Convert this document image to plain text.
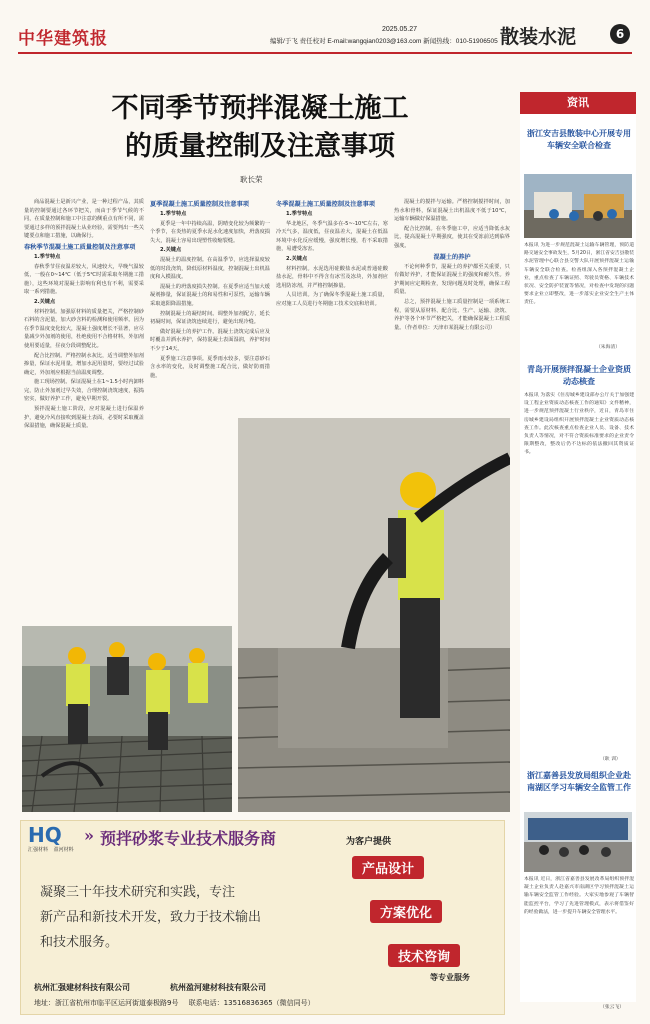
中华建筑报	2025.05.27
编辑/于飞 责任校对 E-mail:wangqian0203@163.com 新闻热线：010-51906505 散装水泥	6
不同季节预拌混凝土施工
的质量控制及注意事项
耿长荣

商品混凝土是新兴产业，是一种过程产品，其质量的控制要通过各环节把关，而由于季节气候的不同，在质量控制和施工中注意的侧重点有所不同，需要通过多样的预拌混凝土从业经验，需要判出一些关键要点和施工措施，以确保行。

春秋季节混凝土施工质量控制及注意事项

1.季节特点

春秋季节昼夜温差较大，风速较大，早晚气温较低，一般在0~14℃（低于5℃时需采取冬期施工措施），这些环境对混凝土影响有利也有不利，需要采取一系列措施。

2.关键点

材料控制。加强原材料的质量把关，严格控制砂石料的含泥量，加大砂含料的检测和使用频率。因为在季节温度变化较大，混凝土强度增长不显著，应尽量减少外加剂的使用，杜绝使用不合格材料，外加剂使用要适量，昼夜分段调整配比。

配合比控制。严格控制水灰比，适当调整外加剂掺量，保证水泥用量，增加水泥用量时，要经过试验确定，外加剂应根据当前温度调整。

施工现场控制。保证混凝土在1~1.5小时内卸料完，防止外加剂过早失效，合理控制浇筑速度，振捣密实，做好养护工作，避免早期开裂。

预拌混凝土施工阶段，应对混凝土进行保温养护，避免冷风直接吹到混凝土表面，必要时采取覆盖保温措施，确保混凝土质量。

夏季混凝土施工质量控制及注意事项

1.季节特点

夏季是一年中持续高温，阴晴变化较为频繁的一个季节，在炎热的夏季水泥水化速度加快，坍落度损失大，混凝土容易出现塑性收缩裂缝。

2.关键点

混凝土的温度控制。在高温季节，应选择温度较低的时段浇筑，降低原材料温度，控制混凝土出机温度和入模温度。

混凝土的坍落度损失控制。在夏季应适当加大缓凝剂掺量，保证混凝土的和易性和可泵性，运输车辆采取遮阳降温措施。

控制混凝土的凝结时间。调整外加剂配方，延长初凝时间，保证浇筑连续进行，避免出现冷缝。

做好混凝土的养护工作。混凝土浇筑完成后应及时覆盖并洒水养护，保持混凝土表面湿润，养护时间不少于14天。

夏季施工注意事项。夏季雨水较多，要注意砂石含水率的变化，及时调整施工配合比，做好防雨措施。

冬季混凝土施工质量控制及注意事项

1.季节特点

华北地区，冬季气温多在-5~-10℃左右，寒冷天气多，温度低，昼夜温差大，混凝土在低温环境中水化反应缓慢，强度增长慢，若不采取措施，易遭受冻害。

2.关键点

材料控制。水泥选用硅酸盐水泥或普通硅酸盐水泥，骨料中不得含有冰雪及冻块，外加剂应选用防冻剂，并严格控制掺量。

人员培训。为了确保冬季混凝土施工质量，应对施工人员进行冬期施工技术交底和培训。

混凝土的搅拌与运输。严格控制搅拌时间，加热水和骨料，保证混凝土出机温度不低于10℃，运输车辆做好保温措施。

配合比控制。在冬季施工中，应适当降低水灰比，提高混凝土早期强度，使其在受冻前达到临界强度。

混凝土的养护

不论何种季节，混凝土的养护都至关重要，只有做好养护，才能保证混凝土的强度和耐久性。养护期间应定期检查，发现问题及时处理，确保工程质量。

总之，预拌混凝土施工质量控制是一项系统工程，需要从原材料、配合比、生产、运输、浇筑、养护等各个环节严格把关，才能确保混凝土工程质量。（作者单位：天津市某混凝土有限公司）

资讯
浙江安吉县散装中心开展专用车辆安全联合检查
本报讯 为进一步规范混凝土运输车辆管理，预防道路交通安全事故发生，5月20日，浙江省安吉县散装水泥管理中心联合县交警大队开展预拌混凝土运输车辆安全联合检查。检查组深入各预拌混凝土企业，重点检查了车辆证照、驾驶员资格、车辆技术状况、安全防护装置等情况，对检查中发现的问题要求企业立即整改，进一步落实企业安全生产主体责任。
（朱海清）
青岛开展预拌混凝土企业资质动态核查
本报讯 为落实《住房城乡建设部办公厅关于加强建设工程企业资质动态核查工作的通知》文件精神，进一步规范预拌混凝土行业秩序，近日，青岛市住房城乡建设局组织开展预拌混凝土企业资质动态核查工作。此次核查重点检查企业人员、设备、技术负责人等情况，对不符合资质标准要求的企业责令限期整改，整改后仍不达标的依法撤回其资质证书。
（耿 训）
浙江嘉善县发放局组织企业赴南湖区学习车辆安全监管工作
本报讯 近日，浙江省嘉善县发展改革局组织预拌混凝土企业负责人赴嘉兴市南湖区学习预拌混凝土运输车辆安全监管工作经验。大家实地参观了车辆智能监控平台，学习了先进管理模式，表示将借鉴好的经验做法，进一步提升车辆安全管理水平。
（张云飞）
HQ
汇强材料 盈河材料
» 预拌砂浆专业技术服务商	为客户提供
凝聚三十年技术研究和实践，专注
新产品和新技术开发，致力于技术输出
和技术服务。
产品设计
方案优化
技术咨询
等专业服务
杭州汇强建材科技有限公司	杭州盈河建材科技有限公司
地址：浙江省杭州市临平区运河街道泰极路9号 联系电话：13516836365（微信同号）
